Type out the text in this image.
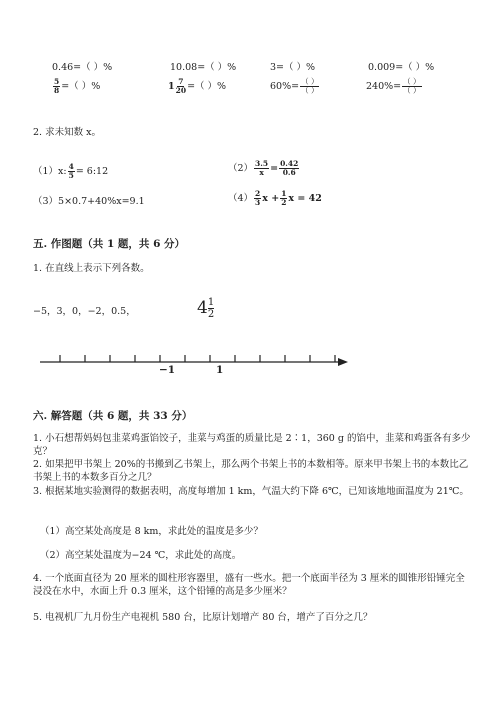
0.46=（ ）%	10.08=（ ）%	3=（ ）%	0.009=（ ）%
$\frac{5}{8}$ =（ ）%	$1 \frac{7}{20}$ =（ ）%	$60\%= \frac{( )}{( )}$	$240\%= \frac{( )}{( )}$
2. 求未知数 x。
（1）x: $\frac{4}{5}$ = 6:12	$(2) \frac{3.5}{x} = \frac{0.42}{0.6}$
（3）5×0.7+40%x=9.1	$(4) \frac{2}{3}$ $x + \frac{1}{2}$ x = 42
五. 作图题（共 1 题，共 6 分）
1. 在直线上表示下列各数。
−5，3，0，−2，0.5，	$4 \frac{1}{2}$
−1	1
六. 解答题（共 6 题，共 33 分）
1. 小石想帮妈妈包韭菜鸡蛋馅饺子，韭菜与鸡蛋的质量比是 2∶1，360 g 的馅中，韭菜和鸡蛋各有多少克？
2. 如果把甲书架上 20%的书搬到乙书架上，那么两个书架上书的本数相等。原来甲书架上书的本数比乙书架上书的本数多百分之几？
3. 根据某地实验测得的数据表明，高度每增加 1 km，气温大约下降 6℃，已知该地地面温度为 21℃。
（1）高空某处高度是 8 km，求此处的温度是多少？
（2）高空某处温度为−24 ℃，求此处的高度。
4. 一个底面直径为 20 厘米的圆柱形容器里，盛有一些水。把一个底面半径为 3 厘米的圆锥形铅锤完全浸没在水中，水面上升 0.3 厘米，这个铅锤的高是多少厘米？
5. 电视机厂九月份生产电视机 580 台，比原计划增产 80 台，增产了百分之几？
